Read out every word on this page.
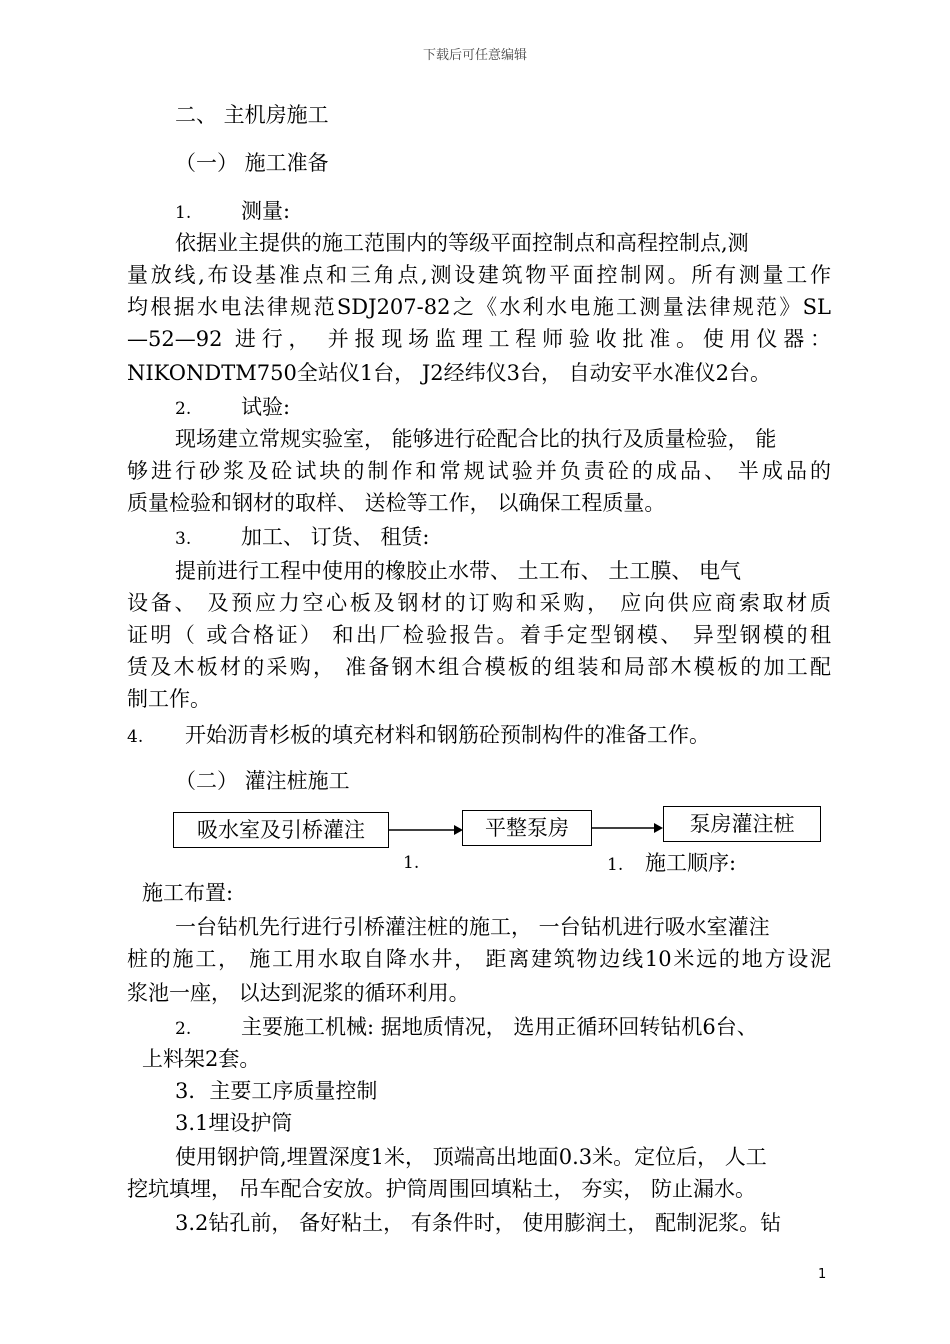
下载后可任意编辑
二、 主机房施工
（一） 施工准备
1. 测量:
依据业主提供的施工范围内的等级平面控制点和高程控制点,测
量放线,布设基准点和三角点,测设建筑物平面控制网。所有测量工作
均根据水电法律规范SDJ207-82之《水利水电施工测量法律规范》SL
—52—92 进行， 并报现场监理工程师验收批准。使用仪器：
NIKONDTM750全站仪1台， J2经纬仪3台， 自动安平水准仪2台。
2. 试验:
现场建立常规实验室， 能够进行砼配合比的执行及质量检验， 能
够进行砂浆及砼试块的制作和常规试验并负责砼的成品、 半成品的
质量检验和钢材的取样、 送检等工作， 以确保工程质量。
3. 加工、 订货、 租赁:
提前进行工程中使用的橡胶止水带、 土工布、 土工膜、 电气
设备、 及预应力空心板及钢材的订购和采购， 应向供应商索取材质
证明（ 或合格证） 和出厂检验报告。着手定型钢模、 异型钢模的租
赁及木板材的采购， 准备钢木组合模板的组装和局部木模板的加工配
制工作。
4. 开始沥青杉板的填充材料和钢筋砼预制构件的准备工作。
（二） 灌注桩施工
吸水室及引桥灌注	平整泵房	泵房灌注桩
1.	1. 施工顺序:
施工布置:
一台钻机先行进行引桥灌注桩的施工， 一台钻机进行吸水室灌注
桩的施工， 施工用水取自降水井， 距离建筑物边线10米远的地方设泥
浆池一座， 以达到泥浆的循环利用。
2. 主要施工机械: 据地质情况， 选用正循环回转钻机6台、
上料架2套。
3．主要工序质量控制
3.1埋设护筒
使用钢护筒,埋置深度1米， 顶端高出地面0.3米。定位后， 人工
挖坑填埋， 吊车配合安放。护筒周围回填粘土， 夯实， 防止漏水。
3.2钻孔前， 备好粘土， 有条件时， 使用膨润土， 配制泥浆。钻
1
